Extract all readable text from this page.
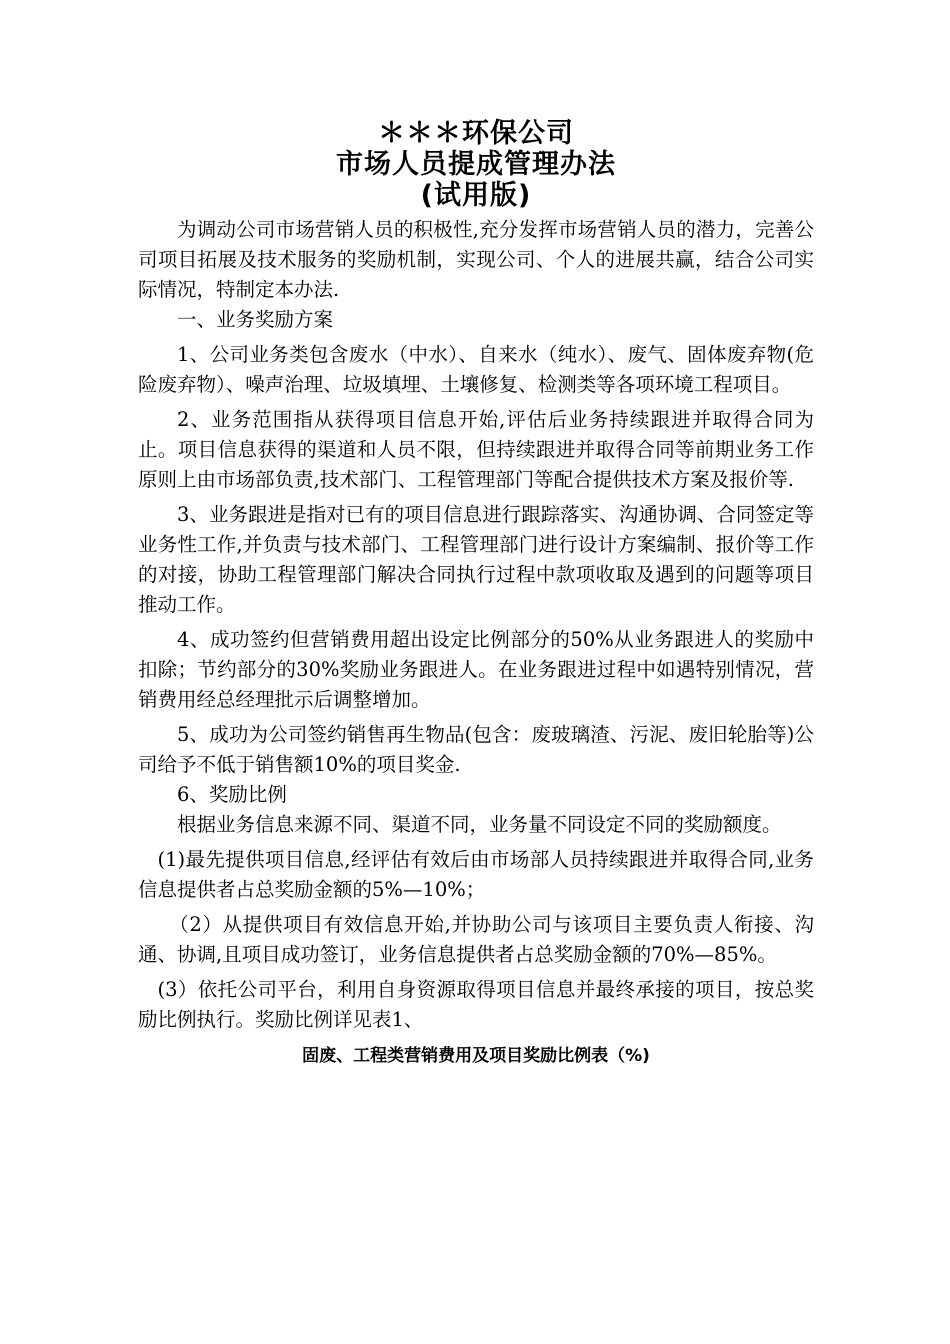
＊＊＊环保公司
市场人员提成管理办法
(试用版)

为调动公司市场营销人员的积极性,充分发挥市场营销人员的潜力，完善公司项目拓展及技术服务的奖励机制，实现公司、个人的进展共赢，结合公司实际情况，特制定本办法.

一、业务奖励方案

1、公司业务类包含废水（中水）、自来水（纯水）、废气、固体废弃物(危险废弃物）、噪声治理、垃圾填埋、土壤修复、检测类等各项环境工程项目。

2、业务范围指从获得项目信息开始,评估后业务持续跟进并取得合同为止。项目信息获得的渠道和人员不限，但持续跟进并取得合同等前期业务工作原则上由市场部负责,技术部门、工程管理部门等配合提供技术方案及报价等.

3、业务跟进是指对已有的项目信息进行跟踪落实、沟通协调、合同签定等业务性工作,并负责与技术部门、工程管理部门进行设计方案编制、报价等工作的对接，协助工程管理部门解决合同执行过程中款项收取及遇到的问题等项目推动工作。

4、成功签约但营销费用超出设定比例部分的50%从业务跟进人的奖励中扣除；节约部分的30%奖励业务跟进人。在业务跟进过程中如遇特别情况，营销费用经总经理批示后调整增加。

5、成功为公司签约销售再生物品(包含：废玻璃渣、污泥、废旧轮胎等)公司给予不低于销售额10%的项目奖金.

6、奖励比例

根据业务信息来源不同、渠道不同，业务量不同设定不同的奖励额度。

(1)最先提供项目信息,经评估有效后由市场部人员持续跟进并取得合同,业务信息提供者占总奖励金额的5%—10%；

（2）从提供项目有效信息开始,并协助公司与该项目主要负责人衔接、沟通、协调,且项目成功签订，业务信息提供者占总奖励金额的70%—85%。

(3）依托公司平台，利用自身资源取得项目信息并最终承接的项目，按总奖励比例执行。奖励比例详见表1、

固废、工程类营销费用及项目奖励比例表（%)
